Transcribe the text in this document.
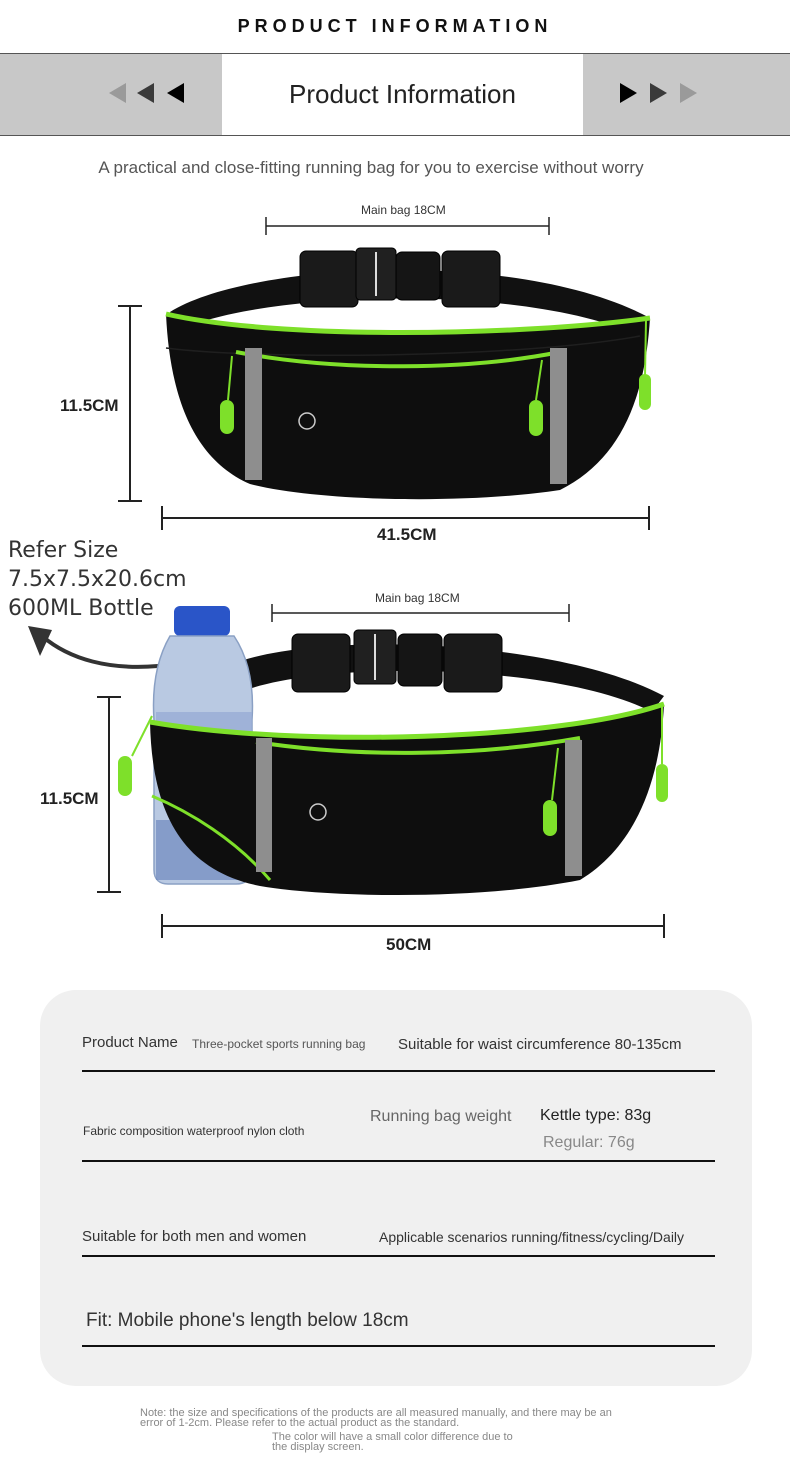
PRODUCT INFORMATION
Product Information
A practical and close-fitting running bag for you to exercise without worry
Main bag 18CM
11.5CM
41.5CM
Refer Size
7.5x7.5x20.6cm
600ML Bottle	Main bag 18CM
11.5CM
50CM
Product Name Three-pocket sports running bag Suitable for waist circumference 80-135cm
Fabric composition waterproof nylon cloth
Running bag weight Kettle type: 83g
Regular: 76g
Suitable for both men and women	Applicable scenarios running/fitness/cycling/Daily
Fit: Mobile phone's length below 18cm
Note: the size and specifications of the products are all measured manually, and there may be an
error of 1-2cm. Please refer to the actual product as the standard.
The color will have a small color difference due to
the display screen.
